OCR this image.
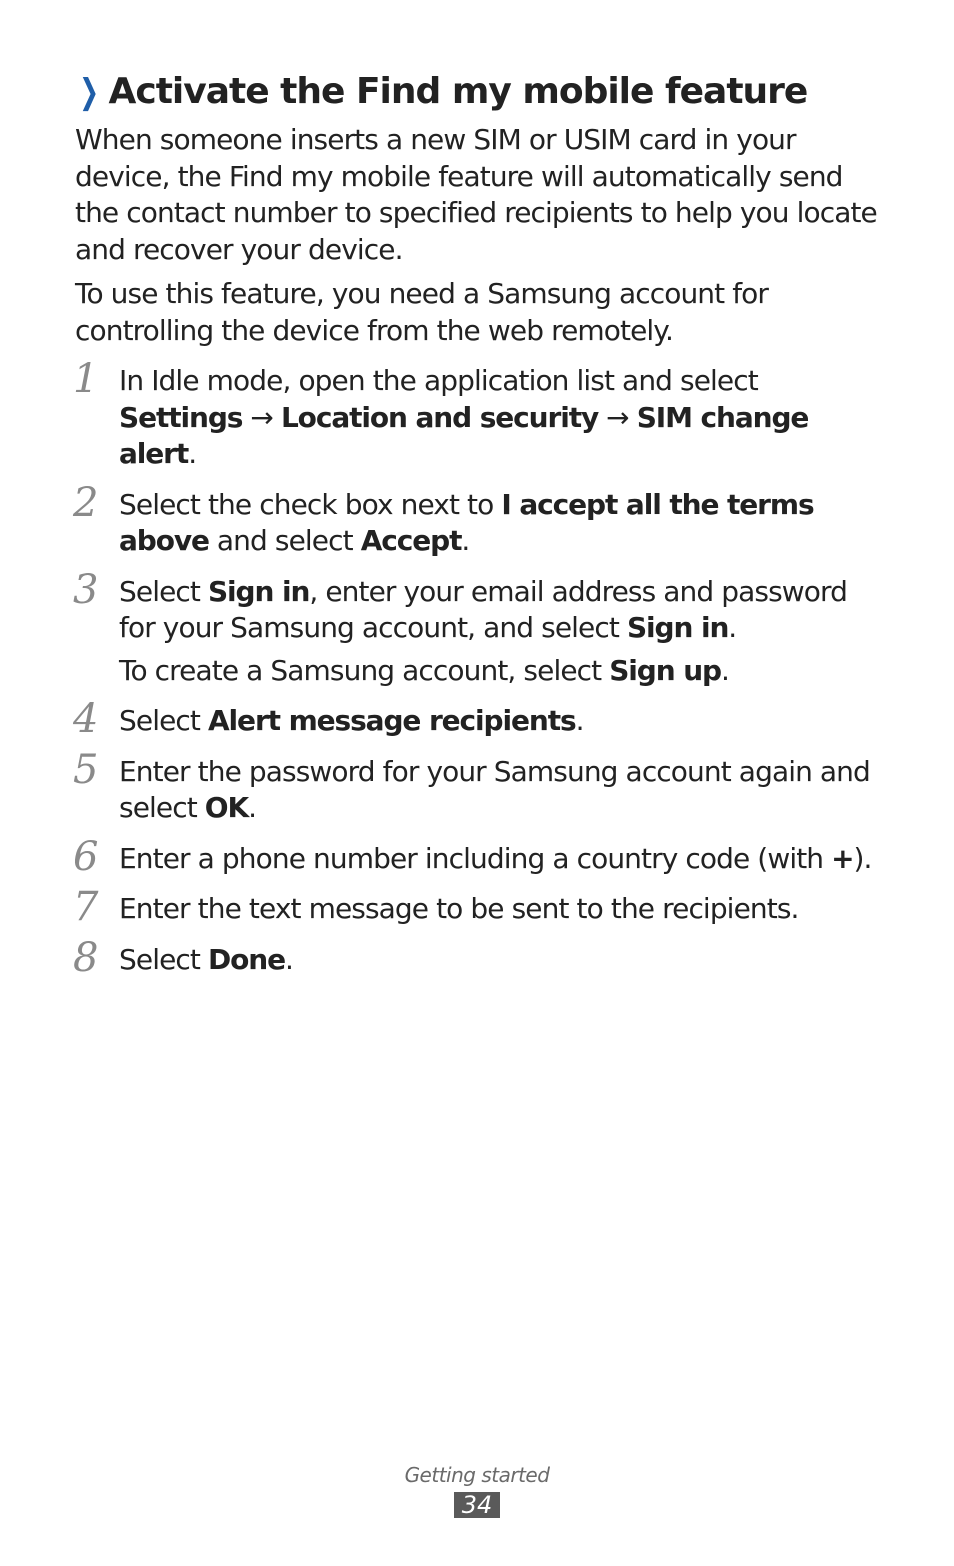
❯ Activate the Find my mobile feature

When someone inserts a new SIM or USIM card in your device, the Find my mobile feature will automatically send the contact number to specified recipients to help you locate and recover your device.

To use this feature, you need a Samsung account for controlling the device from the web remotely.

1 In Idle mode, open the application list and select Settings → Location and security → SIM change alert.
2 Select the check box next to I accept all the terms above and select Accept.
3 Select Sign in, enter your email address and password for your Samsung account, and select Sign in.
To create a Samsung account, select Sign up.
4 Select Alert message recipients.
5 Enter the password for your Samsung account again and select OK.
6 Enter a phone number including a country code (with +).
7 Enter the text message to be sent to the recipients.
8 Select Done.
Getting started
34
